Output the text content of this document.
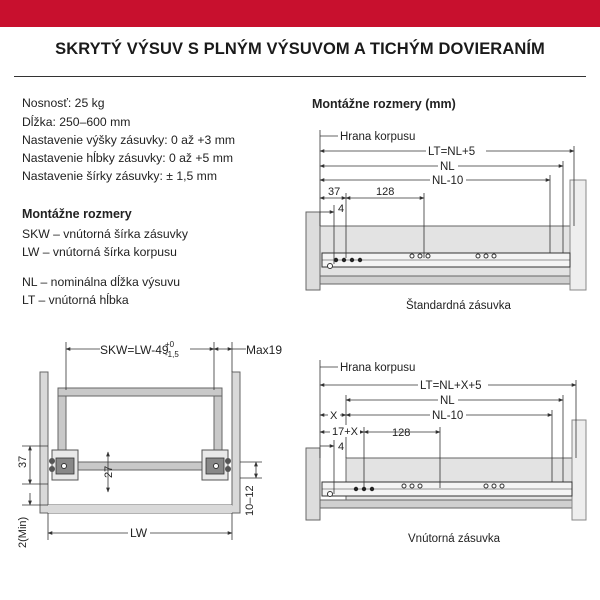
SKRYTÝ VÝSUV S PLNÝM VÝSUVOM A TICHÝM DOVIERANÍM
Nosnosť: 25 kg
Dĺžka: 250–600 mm
Nastavenie výšky zásuvky: 0 až +3 mm
Nastavenie hĺbky zásuvky: 0 až +5 mm
Nastavenie šírky zásuvky: ± 1,5 mm
Montážne rozmery
SKW – vnútorná šírka zásuvky
LW – vnútorná šírka korpusu
NL – nominálna dĺžka výsuvu
LT – vnútorná hĺbka
Montážne rozmery (mm)
Štandardná zásuvka
Vnútorná zásuvka
SKW=LW-49
+0
-1,5	Max19
37
27
2(Min)	LW
10–12
Hrana korpusu
LT=NL+5
NL
NL-10
37	128
4
Hrana korpusu
LT=NL+X+5
NL
X	NL-10
17+X	128
4
